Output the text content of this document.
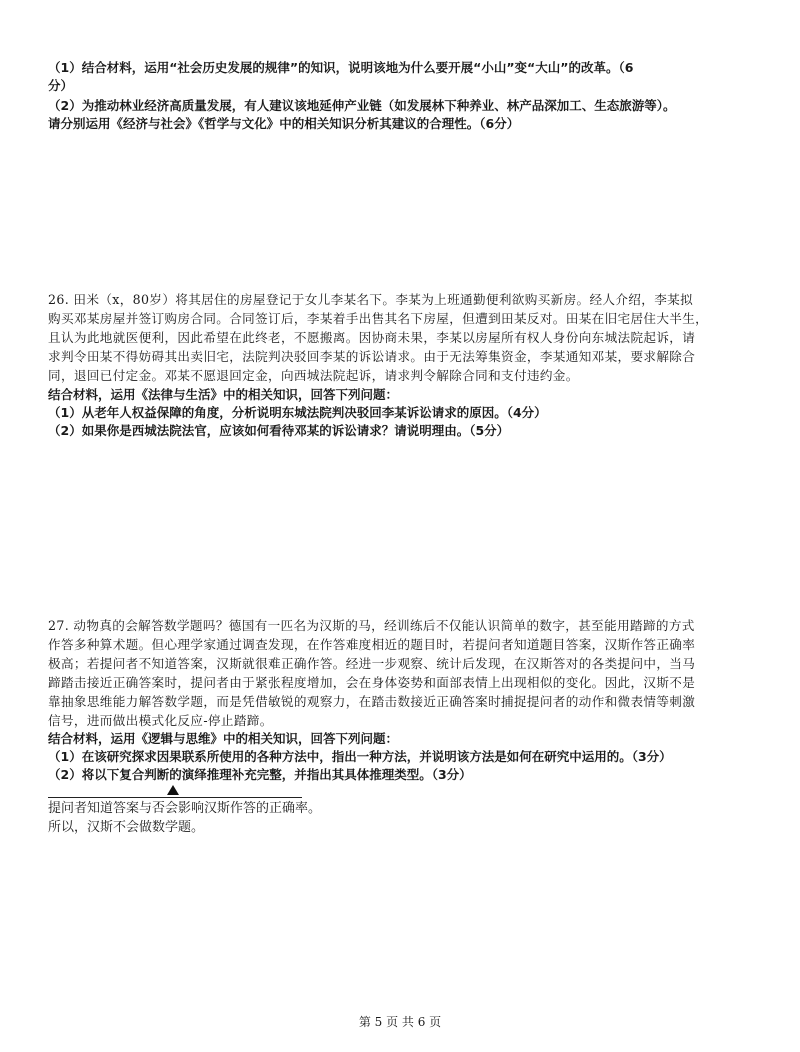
（1）结合材料，运用“社会历史发展的规律”的知识，说明该地为什么要开展“小山”变“大山”的改革。（6
分）
（2）为推动林业经济高质量发展，有人建议该地延伸产业链（如发展林下种养业、林产品深加工、生态旅游等）。
请分别运用《经济与社会》《哲学与文化》中的相关知识分析其建议的合理性。（6分）
26. 田米（x，80岁）将其居住的房屋登记于女儿李某名下。李某为上班通勤便利欲购买新房。经人介绍，李某拟
购买邓某房屋并签订购房合同。合同签订后，李某着手出售其名下房屋，但遭到田某反对。田某在旧宅居住大半生，
且认为此地就医便利，因此希望在此终老，不愿搬离。因协商未果，李某以房屋所有权人身份向东城法院起诉，请
求判令田某不得妨碍其出卖旧宅，法院判决驳回李某的诉讼请求。由于无法筹集资金，李某通知邓某，要求解除合
同，退回已付定金。邓某不愿退回定金，向西城法院起诉，请求判令解除合同和支付违约金。
结合材料，运用《法律与生活》中的相关知识，回答下列问题：
（1）从老年人权益保障的角度，分析说明东城法院判决驳回李某诉讼请求的原因。（4分）
（2）如果你是西城法院法官，应该如何看待邓某的诉讼请求？请说明理由。（5分）
27. 动物真的会解答数学题吗？德国有一匹名为汉斯的马，经训练后不仅能认识简单的数字，甚至能用踏蹄的方式
作答多种算术题。但心理学家通过调查发现，在作答难度相近的题目时，若提问者知道题目答案，汉斯作答正确率
极高；若提问者不知道答案，汉斯就很难正确作答。经进一步观察、统计后发现，在汉斯答对的各类提问中，当马
蹄踏击接近正确答案时，提问者由于紧张程度增加，会在身体姿势和面部表情上出现相似的变化。因此，汉斯不是
靠抽象思维能力解答数学题，而是凭借敏锐的观察力，在踏击数接近正确答案时捕捉提问者的动作和微表情等刺激
信号，进而做出模式化反应-停止踏蹄。
结合材料，运用《逻辑与思维》中的相关知识，回答下列问题：
（1）在该研究探求因果联系所使用的各种方法中，指出一种方法，并说明该方法是如何在研究中运用的。（3分）
（2）将以下复合判断的演绎推理补充完整，并指出其具体推理类型。（3分）
提问者知道答案与否会影响汉斯作答的正确率。
所以，汉斯不会做数学题。
第 5 页 共 6 页
